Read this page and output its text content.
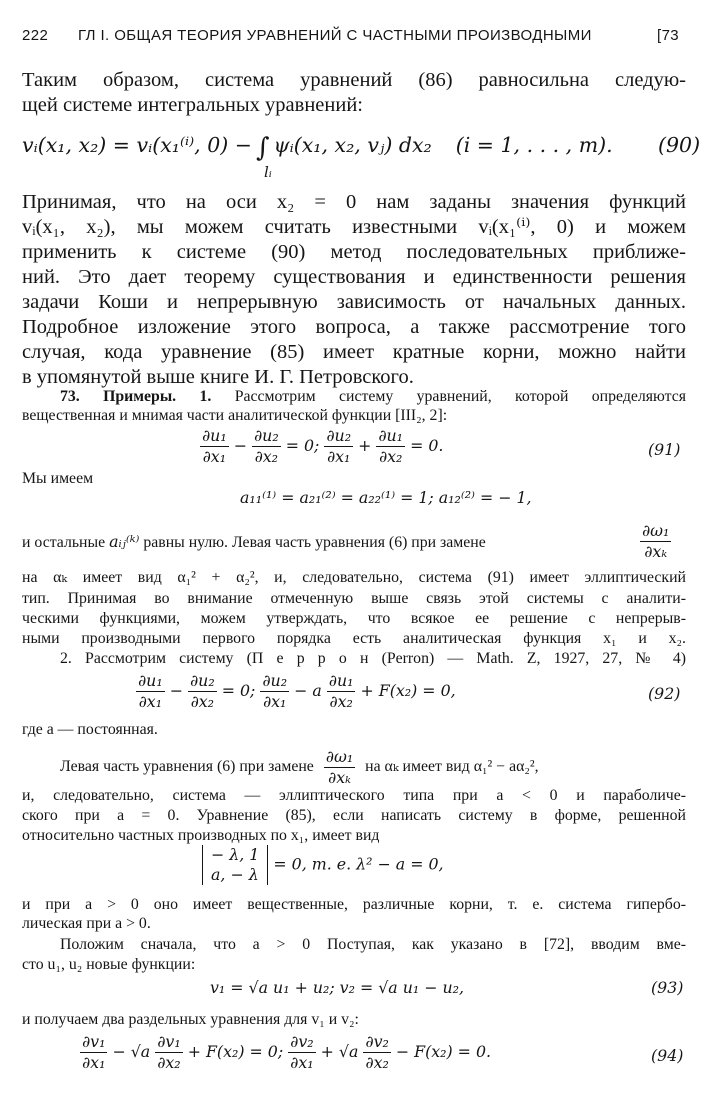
222 ГЛ I. ОБЩАЯ ТЕОРИЯ УРАВНЕНИЙ С ЧАСТНЫМИ ПРОИЗВОДНЫМИ	[73
Таким образом, система уравнений (86) равносильна следую-
щей системе интегральных уравнений:
vᵢ(x₁, x₂) = vᵢ(x₁⁽ⁱ⁾, 0) − ∫ ψᵢ(x₁, x₂, vⱼ) dx₂ (i = 1, . . . , m). (90)
lᵢ
Принимая, что на оси x₂ = 0 нам заданы значения функций
vᵢ(x₁, x₂), мы можем считать известными vᵢ(x₁⁽ⁱ⁾, 0) и можем
применить к системе (90) метод последовательных приближе-
ний. Это дает теорему существования и единственности решения
задачи Коши и непрерывную зависимость от начальных данных.
Подробное изложение этого вопроса, а также рассмотрение того
случая, кода уравнение (85) имеет кратные корни, можно найти
в упомянутой выше книге И. Г. Петровского.
73. Примеры. 1. Рассмотрим систему уравнений, которой определяются
вещественная и мнимая части аналитической функции [III₂, 2]:
$\frac{\text{∂u₁}}{\text{∂x₁}} - \frac{\text{∂u₂}}{\text{∂x₂}} = 0$; $\frac{\text{∂u₂}}{\text{∂x₁}} + \frac{\text{∂u₁}}{\text{∂x₂}} = 0$.	(91)
Мы имеем
a₁₁⁽¹⁾ = a₂₁⁽²⁾ = a₂₂⁽¹⁾ = 1; a₁₂⁽²⁾ = − 1,
и остальные aᵢⱼ⁽ᵏ⁾ равны нулю. Левая часть уравнения (6) при замене	$\frac{\text{∂ω₁}}{\text{∂xₖ}}$
на αₖ имеет вид α₁² + α₂², и, следовательно, система (91) имеет эллиптический
тип. Принимая во внимание отмеченную выше связь этой системы с аналити-
ческими функциями, можем утверждать, что всякое ее решение с непрерыв-
ными производными первого порядка есть аналитическая функция x₁ и x₂.
2. Рассмотрим систему (П е р р о н (Perron) — Math. Z, 1927, 27, № 4)
$\frac{\text{∂u₁}}{\text{∂x₁}} - \frac{\text{∂u₂}}{\text{∂x₂}} = 0$; $\frac{\text{∂u₂}}{\text{∂x₁}} - a \frac{\text{∂u₁}}{\text{∂x₂}} + F(x_2) = 0$,	(92)
где a — постоянная.
Левая часть уравнения (6) при замене $\frac{\text{∂ω₁}}{\text{∂xₖ}}$ на αₖ имеет вид α₁² − aα₂²,
и, следовательно, система — эллиптического типа при a < 0 и параболиче-
ского при a = 0. Уравнение (85), если написать систему в форме, решенной
относительно частных производных по x₁, имеет вид
− λ, 1
a, − λ
= 0, т. е. λ² − a = 0,
и при a > 0 оно имеет вещественные, различные корни, т. е. система гипербо-
лическая при a > 0.
Положим сначала, что a > 0 Поступая, как указано в [72], вводим вме-
сто u₁, u₂ новые функции:
v₁ = √a u₁ + u₂; v₂ = √a u₁ − u₂,	(93)
и получаем два раздельных уравнения для v₁ и v₂:
$\frac{\text{∂v₁}}{\text{∂x₁}} - √a \frac{\text{∂v₁}}{\text{∂x₂}} + F(x_2) = 0$; $\frac{\text{∂v₂}}{\text{∂x₁}} + √a \frac{\text{∂v₂}}{\text{∂x₂}} - F(x_2) = 0$.	(94)
